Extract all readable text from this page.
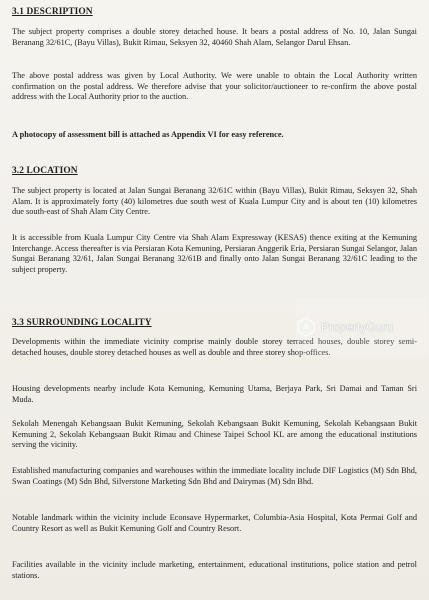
3.1 DESCRIPTION

The subject property comprises a double storey detached house. It bears a postal address of No. 10, Jalan Sungai Beranang 32/61C, (Bayu Villas), Bukit Rimau, Seksyen 32, 40460 Shah Alam, Selangor Darul Ehsan.

The above postal address was given by Local Authority. We were unable to obtain the Local Authority written confirmation on the postal address. We therefore advise that your solicitor/auctioneer to re-confirm the above postal address with the Local Authority prior to the auction.

A photocopy of assessment bill is attached as Appendix VI for easy reference.

3.2 LOCATION

The subject property is located at Jalan Sungai Beranang 32/61C within (Bayu Villas), Bukit Rimau, Seksyen 32, Shah Alam. It is approximately forty (40) kilometres due south west of Kuala Lumpur City and is about ten (10) kilometres due south-east of Shah Alam City Centre.

It is accessible from Kuala Lumpur City Centre via Shah Alam Expressway (KESAS) thence exiting at the Kemuning Interchange. Access thereafter is via Persiaran Kota Kemuning, Persiaran Anggerik Eria, Persiaran Sungai Selangor, Jalan Sungai Beranang 32/61, Jalan Sungai Beranang 32/61B and finally onto Jalan Sungai Beranang 32/61C leading to the subject property.

3.3 SURROUNDING LOCALITY

Developments within the immediate vicinity comprise mainly double storey terraced houses, double storey semi-detached houses, double storey detached houses as well as double and three storey shop-offices.

Housing developments nearby include Kota Kemuning, Kemuning Utama, Berjaya Park, Sri Damai and Taman Sri Muda.

Sekolah Menengah Kebangsaan Bukit Kemuning, Sekolah Kebangsaan Bukit Kemuning, Sekolah Kebangsaan Bukit Kemuning 2, Sekolah Kebangsaan Bukit Rimau and Chinese Taipei School KL are among the educational institutions serving the vicinity.

Established manufacturing companies and warehouses within the immediate locality include DIF Logistics (M) Sdn Bhd, Swan Coatings (M) Sdn Bhd, Silverstone Marketing Sdn Bhd and Dairymas (M) Sdn Bhd.

Notable landmark within the vicinity include Econsave Hypermarket, Columbia-Asia Hospital, Kota Permai Golf and Country Resort as well as Bukit Kemuning Golf and Country Resort.

Facilities available in the vicinity include marketing, entertainment, educational institutions, police station and petrol stations.

PropertyGuru
